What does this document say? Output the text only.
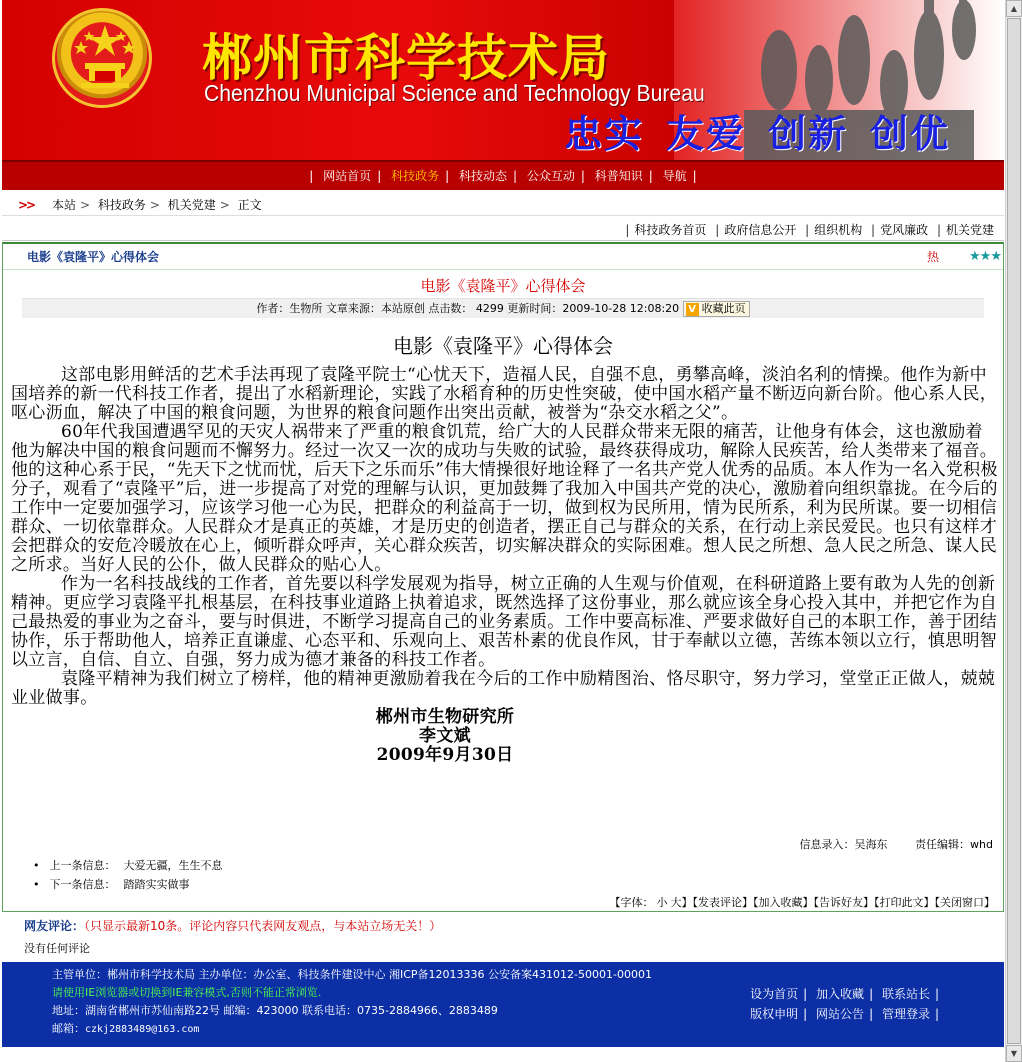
郴州市科学技术局
Chenzhou Municipal Science and Technology Bureau
忠实 友爱 创新 创优
| 网站首页 | 科技政务 | 科技动态 | 公众互动 | 科普知识 | 导航 |
>> 本站 > 科技政务 > 机关党建 > 正文
| 科技政务首页 | 政府信息公开 | 组织机构 | 党风廉政 | 机关党建
电影《袁隆平》心得体会	热 ★★★
电影《袁隆平》心得体会
作者：生物所 文章来源：本站原创 点击数： 4299 更新时间：2009-10-28 12:08:20 V 收藏此页
电影《袁隆平》心得体会

这部电影用鲜活的艺术手法再现了袁隆平院士“心忧天下，造福人民，自强不息，勇攀高峰，淡泊名利的情操。他作为新中国培养的新一代科技工作者，提出了水稻新理论，实践了水稻育种的历史性突破，使中国水稻产量不断迈向新台阶。他心系人民，呕心沥血，解决了中国的粮食问题，为世界的粮食问题作出突出贡献，被誉为“杂交水稻之父”。

60年代我国遭遇罕见的天灾人祸带来了严重的粮食饥荒，给广大的人民群众带来无限的痛苦，让他身有体会，这也激励着他为解决中国的粮食问题而不懈努力。经过一次又一次的成功与失败的试验，最终获得成功，解除人民疾苦，给人类带来了福音。他的这种心系于民，“先天下之忧而忧，后天下之乐而乐”伟大情操很好地诠释了一名共产党人优秀的品质。本人作为一名入党积极分子，观看了“袁隆平”后，进一步提高了对党的理解与认识，更加鼓舞了我加入中国共产党的决心，激励着向组织靠拢。在今后的工作中一定要加强学习，应该学习他一心为民，把群众的利益高于一切，做到权为民所用，情为民所系，利为民所谋。要一切相信群众、一切依靠群众。人民群众才是真正的英雄，才是历史的创造者，摆正自己与群众的关系，在行动上亲民爱民。也只有这样才会把群众的安危冷暖放在心上，倾听群众呼声，关心群众疾苦，切实解决群众的实际困难。想人民之所想、急人民之所急、谋人民之所求。当好人民的公仆，做人民群众的贴心人。

作为一名科技战线的工作者，首先要以科学发展观为指导，树立正确的人生观与价值观，在科研道路上要有敢为人先的创新精神。更应学习袁隆平扎根基层，在科技事业道路上执着追求，既然选择了这份事业，那么就应该全身心投入其中，并把它作为自己最热爱的事业为之奋斗，要与时俱进，不断学习提高自己的业务素质。工作中要高标准、严要求做好自己的本职工作，善于团结协作，乐于帮助他人，培养正直谦虚、心态平和、乐观向上、艰苦朴素的优良作风，甘于奉献以立德，苦练本领以立行，慎思明智以立言，自信、自立、自强，努力成为德才兼备的科技工作者。

袁隆平精神为我们树立了榜样，他的精神更激励着我在今后的工作中励精图治、恪尽职守，努力学习，堂堂正正做人，兢兢业业做事。

郴州市生物研究所
李文斌
2009年9月30日
信息录入：吴海东	责任编辑：whd
• 上一条信息： 大爱无疆，生生不息
• 下一条信息： 踏踏实实做事
【字体： 小 大】【发表评论】【加入收藏】【告诉好友】【打印此文】【关闭窗口】
网友评论：（只显示最新10条。评论内容只代表网友观点，与本站立场无关！）
没有任何评论
主管单位：郴州市科学技术局 主办单位：办公室、科技条件建设中心 湘ICP备12013336 公安备案431012-50001-00001
请使用IE浏览器或切换到IE兼容模式,否则不能正常浏览.
地址：湖南省郴州市苏仙南路22号 邮编：423000 联系电话：0735-2884966、2883489
邮箱：czkj2883489@163.com
设为首页 | 加入收藏 | 联系站长 |
版权申明 | 网站公告 | 管理登录 |
▲
▼
